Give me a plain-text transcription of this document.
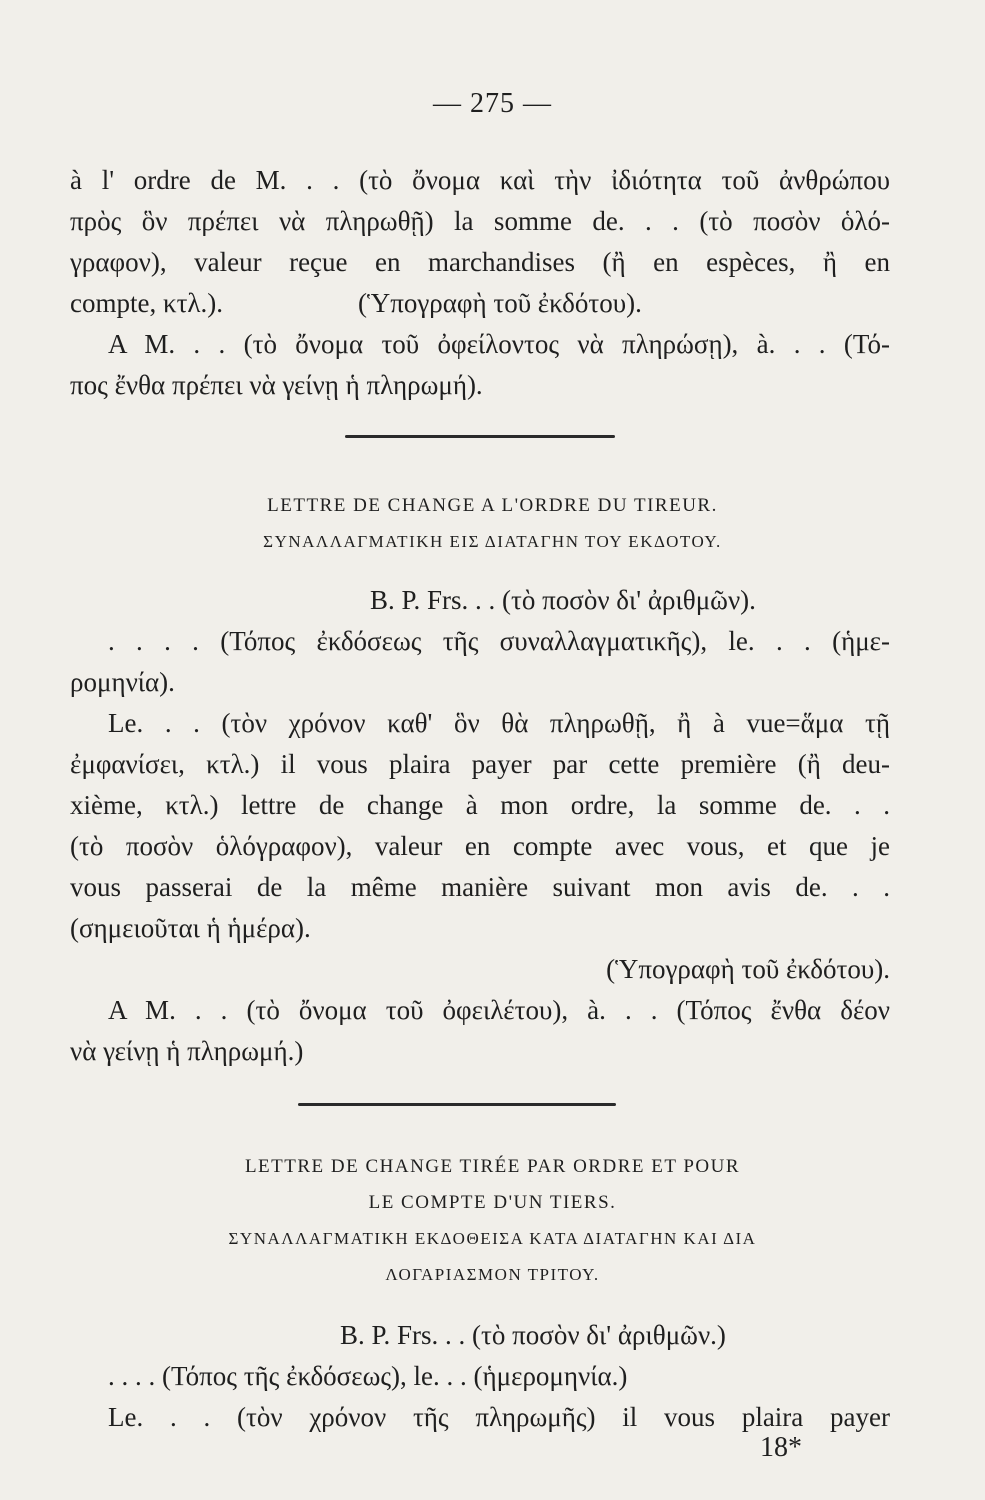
— 275 —
à l' ordre de M. . . (τὸ ὄνομα καὶ τὴν ἰδιότητα τοῦ ἀνθρώπου
πρὸς ὃν πρέπει νὰ πληρωθῇ) la somme de. . . (τὸ ποσὸν ὁλό-
γραφον), valeur reçue en marchandises (ἢ en espèces, ἢ en
compte, κτλ.).                    (Ὑπογραφὴ τοῦ ἐκδότου).
A M. . . (τὸ ὄνομα τοῦ ὀφείλοντος νὰ πληρώσῃ), à. . . (Τό-
πος ἔνθα πρέπει νὰ γείνῃ ἡ πληρωμή).
LETTRE DE CHANGE A L'ORDRE DU TIREUR.
ΣΥΝΑΛΛΑΓΜΑΤΙΚΗ ΕΙΣ ΔΙΑΤΑΓΗΝ ΤΟΥ ΕΚΔΟΤΟΥ.
B. P. Frs. . . (τὸ ποσὸν δι' ἀριθμῶν).
. . . . (Τόπος ἐκδόσεως τῆς συναλλαγματικῆς), le. . . (ἡμε-
ρομηνία).
Le. . . (τὸν χρόνον καθ' ὃν θὰ πληρωθῇ, ἢ à vue=ἅμα τῇ
ἐμφανίσει, κτλ.) il vous plaira payer par cette première (ἢ deu-
xième, κτλ.) lettre de change à mon ordre, la somme de. . .
(τὸ ποσὸν ὁλόγραφον), valeur en compte avec vous, et que je
vous passerai de la même manière suivant mon avis de. . .
(σημειοῦται ἡ ἡμέρα).
(Ὑπογραφὴ τοῦ ἐκδότου).
A M. . . (τὸ ὄνομα τοῦ ὀφειλέτου), à. . . (Τόπος ἔνθα δέον
νὰ γείνῃ ἡ πληρωμή.)
LETTRE DE CHANGE TIRÉE PAR ORDRE ET POUR
LE COMPTE D'UN TIERS.
ΣΥΝΑΛΛΑΓΜΑΤΙΚΗ ΕΚΔΟΘΕΙΣΑ ΚΑΤΑ ΔΙΑΤΑΓΗΝ ΚΑΙ ΔΙΑ
ΛΟΓΑΡΙΑΣΜΟΝ ΤΡΙΤΟΥ.
B. P. Frs. . . (τὸ ποσὸν δι' ἀριθμῶν.)
. . . . (Τόπος τῆς ἐκδόσεως), le. . . (ἡμερομηνία.)
Le. . . (τὸν χρόνον τῆς πληρωμῆς) il vous plaira payer
18*
